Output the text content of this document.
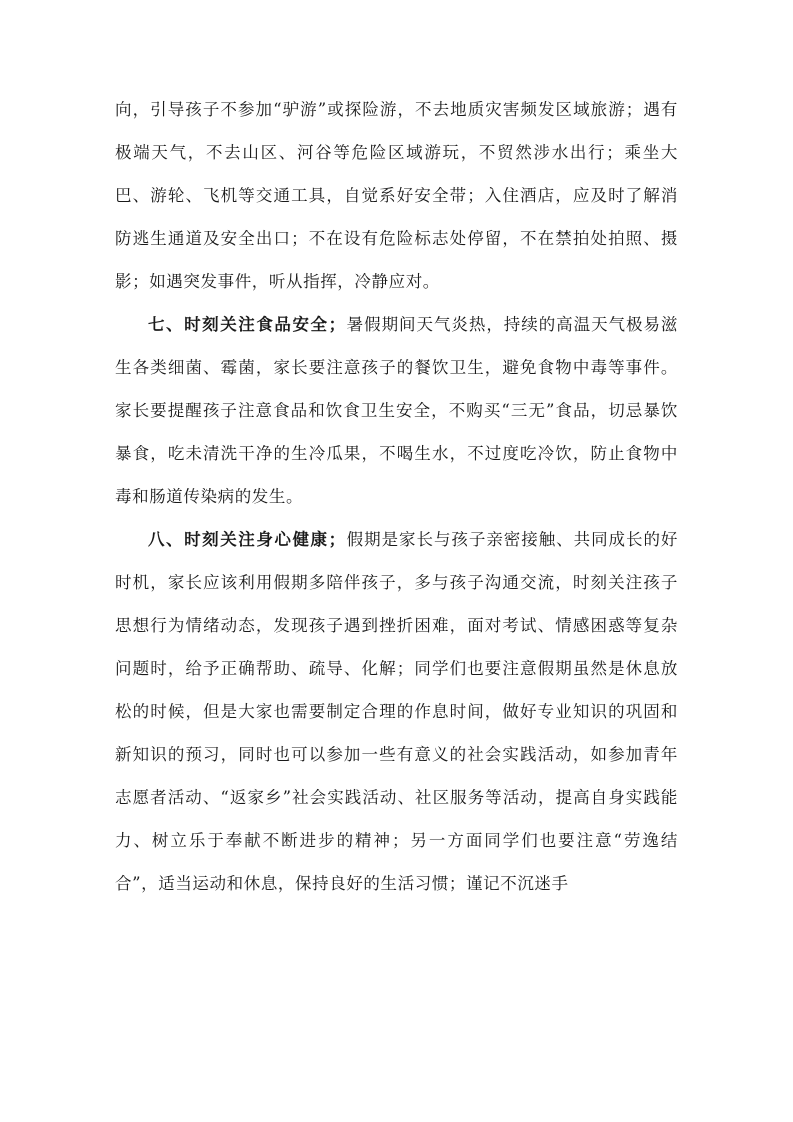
向，引导孩子不参加“驴游”或探险游，不去地质灾害频发区域旅游；遇有极端天气，不去山区、河谷等危险区域游玩，不贸然涉水出行；乘坐大巴、游轮、飞机等交通工具，自觉系好安全带；入住酒店，应及时了解消防逃生通道及安全出口；不在设有危险标志处停留，不在禁拍处拍照、摄影；如遇突发事件，听从指挥，冷静应对。

七、时刻关注食品安全；暑假期间天气炎热，持续的高温天气极易滋生各类细菌、霉菌，家长要注意孩子的餐饮卫生，避免食物中毒等事件。家长要提醒孩子注意食品和饮食卫生安全，不购买“三无”食品，切忌暴饮暴食，吃未清洗干净的生冷瓜果，不喝生水，不过度吃冷饮，防止食物中毒和肠道传染病的发生。

八、时刻关注身心健康；假期是家长与孩子亲密接触、共同成长的好时机，家长应该利用假期多陪伴孩子，多与孩子沟通交流，时刻关注孩子思想行为情绪动态，发现孩子遇到挫折困难，面对考试、情感困惑等复杂问题时，给予正确帮助、疏导、化解；同学们也要注意假期虽然是休息放松的时候，但是大家也需要制定合理的作息时间，做好专业知识的巩固和新知识的预习，同时也可以参加一些有意义的社会实践活动，如参加青年志愿者活动、“返家乡”社会实践活动、社区服务等活动，提高自身实践能力、树立乐于奉献不断进步的精神；另一方面同学们也要注意“劳逸结合”，适当运动和休息，保持良好的生活习惯；谨记不沉迷手
